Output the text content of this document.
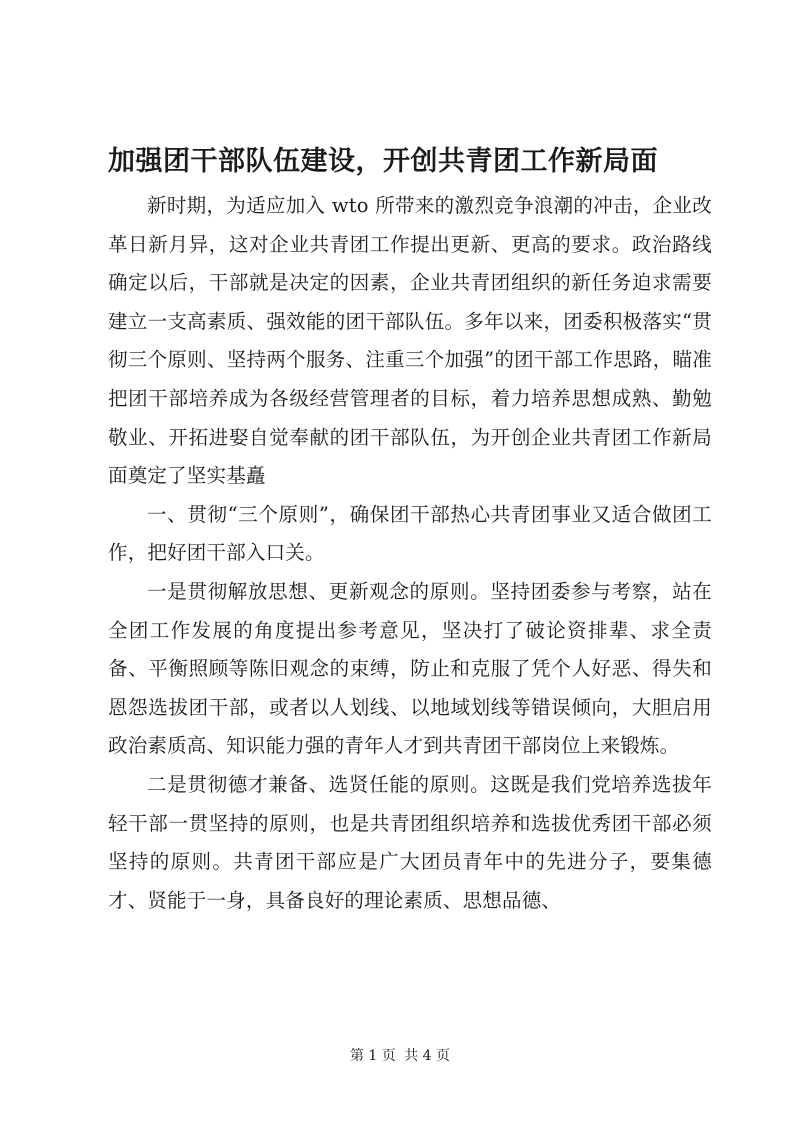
加强团干部队伍建设，开创共青团工作新局面

新时期，为适应加入 wto 所带来的激烈竞争浪潮的冲击，企业改革日新月异，这对企业共青团工作提出更新、更高的要求。政治路线确定以后，干部就是决定的因素，企业共青团组织的新任务迫求需要建立一支高素质、强效能的团干部队伍。多年以来，团委积极落实“贯彻三个原则、坚持两个服务、注重三个加强”的团干部工作思路，瞄准把团干部培养成为各级经营管理者的目标，着力培养思想成熟、勤勉敬业、开拓进娶自觉奉献的团干部队伍，为开创企业共青团工作新局面奠定了坚实基矗

一、贯彻“三个原则”，确保团干部热心共青团事业又适合做团工作，把好团干部入口关。

一是贯彻解放思想、更新观念的原则。坚持团委参与考察，站在全团工作发展的角度提出参考意见，坚决打了破论资排辈、求全责备、平衡照顾等陈旧观念的束缚，防止和克服了凭个人好恶、得失和恩怨选拔团干部，或者以人划线、以地域划线等错误倾向，大胆启用政治素质高、知识能力强的青年人才到共青团干部岗位上来锻炼。

二是贯彻德才兼备、选贤任能的原则。这既是我们党培养选拔年轻干部一贯坚持的原则，也是共青团组织培养和选拔优秀团干部必须坚持的原则。共青团干部应是广大团员青年中的先进分子，要集德才、贤能于一身，具备良好的理论素质、思想品德、

第 1 页 共 4 页
